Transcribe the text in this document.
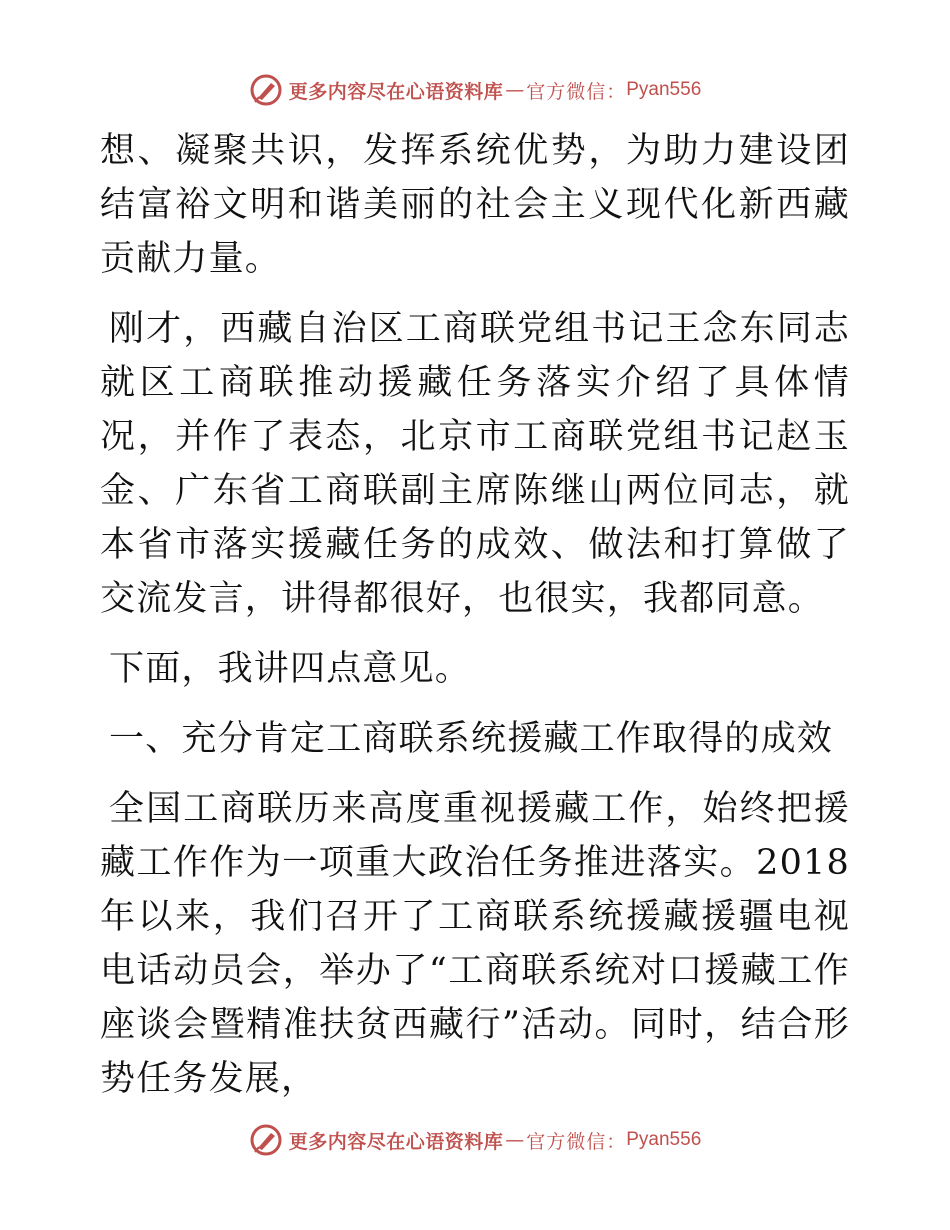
更多内容尽在心语资料库 — 官方微信： Pyan556

想、凝聚共识，发挥系统优势，为助力建设团结富裕文明和谐美丽的社会主义现代化新西藏贡献力量。

刚才，西藏自治区工商联党组书记王念东同志就区工商联推动援藏任务落实介绍了具体情况，并作了表态，北京市工商联党组书记赵玉金、广东省工商联副主席陈继山两位同志，就本省市落实援藏任务的成效、做法和打算做了交流发言，讲得都很好，也很实，我都同意。

下面，我讲四点意见。

一、充分肯定工商联系统援藏工作取得的成效

全国工商联历来高度重视援藏工作，始终把援藏工作作为一项重大政治任务推进落实。2018 年以来，我们召开了工商联系统援藏援疆电视电话动员会，举办了“工商联系统对口援藏工作座谈会暨精准扶贫西藏行”活动。同时，结合形势任务发展，

更多内容尽在心语资料库 — 官方微信： Pyan556
